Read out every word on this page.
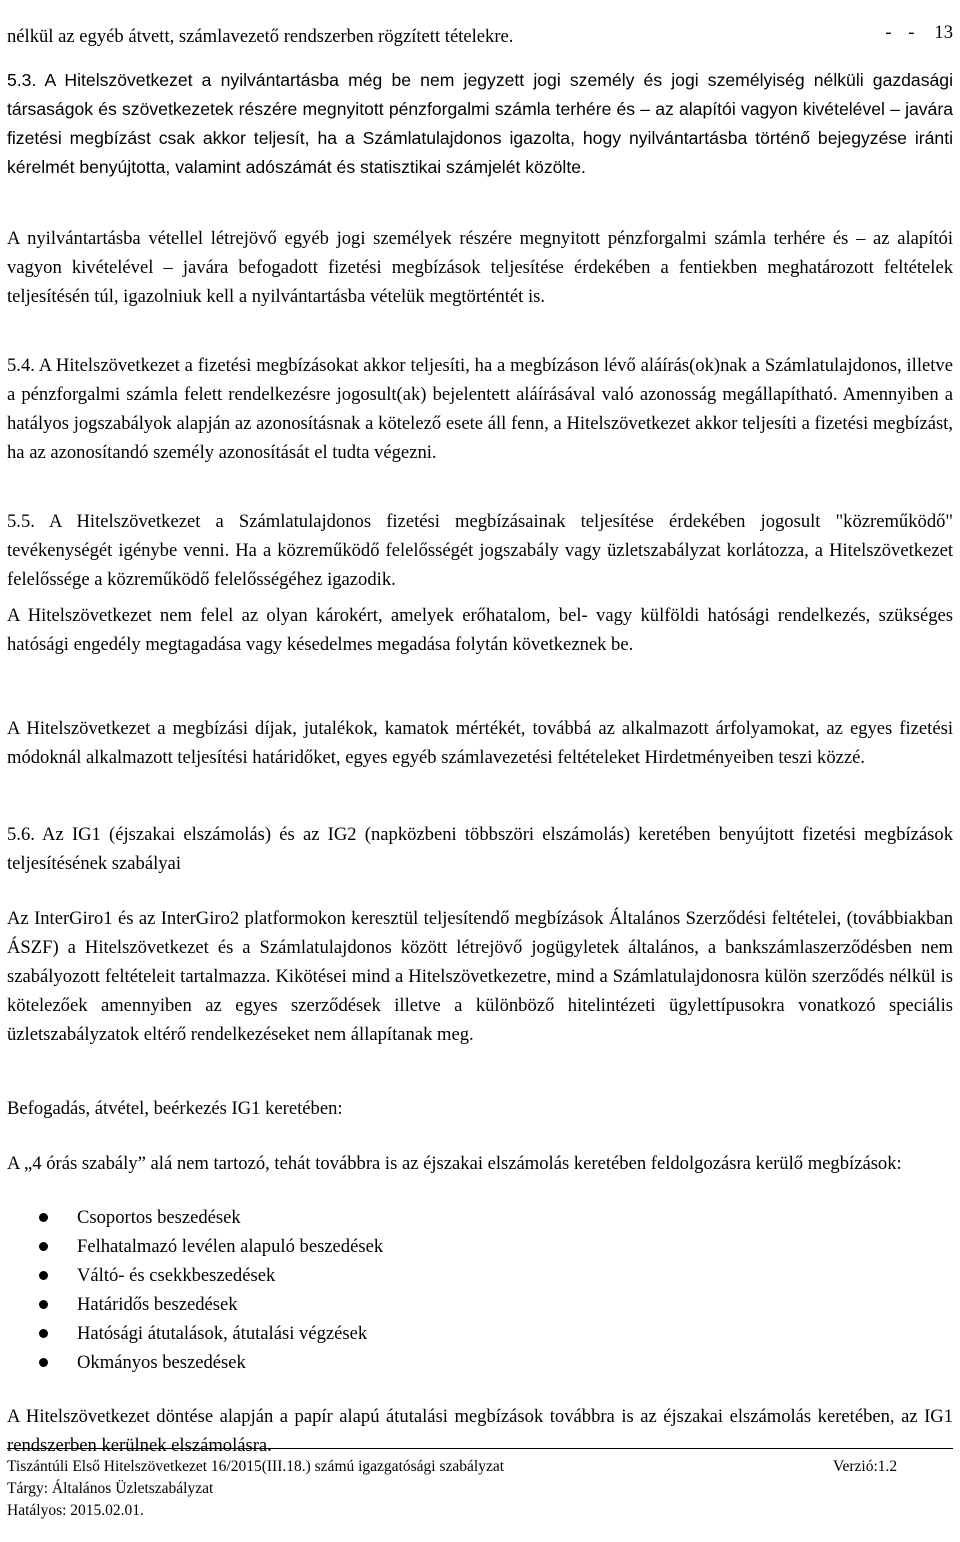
nélkül az egyéb átvett, számlavezető rendszerben rögzített tételekre.	- - 13

5.3. A Hitelszövetkezet a nyilvántartásba még be nem jegyzett jogi személy és jogi személyiség nélküli gazdasági társaságok és szövetkezetek részére megnyitott pénzforgalmi számla terhére és – az alapítói vagyon kivételével – javára fizetési megbízást csak akkor teljesít, ha a Számlatulajdonos igazolta, hogy nyilvántartásba történő bejegyzése iránti kérelmét benyújtotta, valamint adószámát és statisztikai számjelét közölte.

A nyilvántartásba vétellel létrejövő egyéb jogi személyek részére megnyitott pénzforgalmi számla terhére és – az alapítói vagyon kivételével – javára befogadott fizetési megbízások teljesítése érdekében a fentiekben meghatározott feltételek teljesítésén túl, igazolniuk kell a nyilvántartásba vételük megtörténtét is.

5.4. A Hitelszövetkezet a fizetési megbízásokat akkor teljesíti, ha a megbízáson lévő aláírás(ok)nak a Számlatulajdonos, illetve a pénzforgalmi számla felett rendelkezésre jogosult(ak) bejelentett aláírásával való azonosság megállapítható. Amennyiben a hatályos jogszabályok alapján az azonosításnak a kötelező esete áll fenn, a Hitelszövetkezet akkor teljesíti a fizetési megbízást, ha az azonosítandó személy azonosítását el tudta végezni.

5.5. A Hitelszövetkezet a Számlatulajdonos fizetési megbízásainak teljesítése érdekében jogosult "közreműködő" tevékenységét igénybe venni. Ha a közreműködő felelősségét jogszabály vagy üzletszabályzat korlátozza, a Hitelszövetkezet felelőssége a közreműködő felelősségéhez igazodik.

A Hitelszövetkezet nem felel az olyan károkért, amelyek erőhatalom, bel- vagy külföldi hatósági rendelkezés, szükséges hatósági engedély megtagadása vagy késedelmes megadása folytán következnek be.

A Hitelszövetkezet a megbízási díjak, jutalékok, kamatok mértékét, továbbá az alkalmazott árfolyamokat, az egyes fizetési módoknál alkalmazott teljesítési határidőket, egyes egyéb számlavezetési feltételeket Hirdetményeiben teszi közzé.

5.6. Az IG1 (éjszakai elszámolás) és az IG2 (napközbeni többszöri elszámolás) keretében benyújtott fizetési megbízások teljesítésének szabályai

Az InterGiro1 és az InterGiro2 platformokon keresztül teljesítendő megbízások Általános Szerződési feltételei, (továbbiakban ÁSZF) a Hitelszövetkezet és a Számlatulajdonos között létrejövő jogügyletek általános, a bankszámlaszerződésben nem szabályozott feltételeit tartalmazza. Kikötései mind a Hitelszövetkezetre, mind a Számlatulajdonosra külön szerződés nélkül is kötelezőek amennyiben az egyes szerződések illetve a különböző hitelintézeti ügylettípusokra vonatkozó speciális üzletszabályzatok eltérő rendelkezéseket nem állapítanak meg.

Befogadás, átvétel, beérkezés IG1 keretében:

A „4 órás szabály” alá nem tartozó, tehát továbbra is az éjszakai elszámolás keretében feldolgozásra kerülő megbízások:

Csoportos beszedések
Felhatalmazó levélen alapuló beszedések
Váltó- és csekkbeszedések
Határidős beszedések
Hatósági átutalások, átutalási végzések
Okmányos beszedések

A Hitelszövetkezet döntése alapján a papír alapú átutalási megbízások továbbra is az éjszakai elszámolás keretében, az IG1 rendszerben kerülnek elszámolásra.

Tiszántúli Első Hitelszövetkezet 16/2015(III.18.) számú igazgatósági szabályzat	Verzió:1.2
Tárgy: Általános Üzletszabályzat
Hatályos: 2015.02.01.
